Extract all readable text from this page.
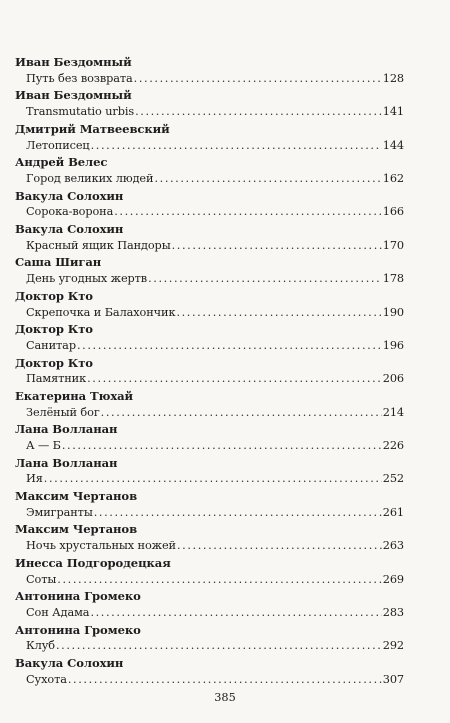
Иван Бездомный
Путь без возврата . . .	128
Иван Бездомный
Transmutatio urbis . . .	141
Дмитрий Матвеевский
Летописец . . .	144
Андрей Велес
Город великих людей . . .	162
Вакула Солохин
Сорока-ворона . . .	166
Вакула Солохин
Красный ящик Пандоры . . .	170
Саша Шиган
День угодных жертв . . .	178
Доктор Кто
Скрепочка и Балахончик . . .	190
Доктор Кто
Санитар . . .	196
Доктор Кто
Памятник . . .	206
Екатерина Тюхай
Зелёный бог . . .	214
Лана Волланан
А — Б . . .	226
Лана Волланан
Ия . . .	252
Максим Чертанов
Эмигранты . . .	261
Максим Чертанов
Ночь хрустальных ножей . . .	263
Инесса Подгородецкая
Соты . . .	269
Антонина Громеко
Сон Адама . . .	283
Антонина Громеко
Клуб . . .	292
Вакула Солохин
Сухота . . .	307
385
